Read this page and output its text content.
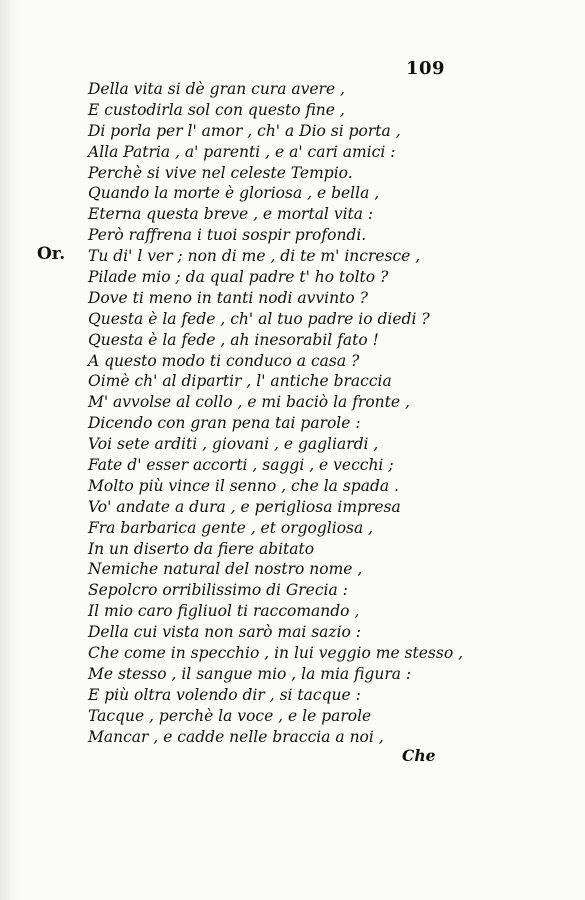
109
Or.
Della vita si dè gran cura avere ,
E custodirla sol con questo fine ,
Di porla per l' amor , ch' a Dio si porta ,
Alla Patria , a' parenti , e a' cari amici :
Perchè si vive nel celeste Tempio.
Quando la morte è gloriosa , e bella ,
Eterna questa breve , e mortal vita :
Però raffrena i tuoi sospir profondi.
Tu di' l ver ; non di me , di te m' incresce ,
Pilade mio ; da qual padre t' ho tolto ?
Dove ti meno in tanti nodi avvinto ?
Questa è la fede , ch' al tuo padre io diedi ?
Questa è la fede , ah inesorabil fato !
A questo modo ti conduco a casa ?
Oimè ch' al dipartir , l' antiche braccia
M' avvolse al collo , e mi baciò la fronte ,
Dicendo con gran pena tai parole :
Voi sete arditi , giovani , e gagliardi ,
Fate d' esser accorti , saggi , e vecchi ;
Molto più vince il senno , che la spada .
Vo' andate a dura , e perigliosa impresa
Fra barbarica gente , et orgogliosa ,
In un diserto da fiere abitato
Nemiche natural del nostro nome ,
Sepolcro orribilissimo di Grecia :
Il mio caro figliuol ti raccomando ,
Della cui vista non sarò mai sazio :
Che come in specchio , in lui veggio me stesso ,
Me stesso , il sangue mio , la mia figura :
E più oltra volendo dir , si tacque :
Tacque , perchè la voce , e le parole
Mancar , e cadde nelle braccia a noi ,
Che
